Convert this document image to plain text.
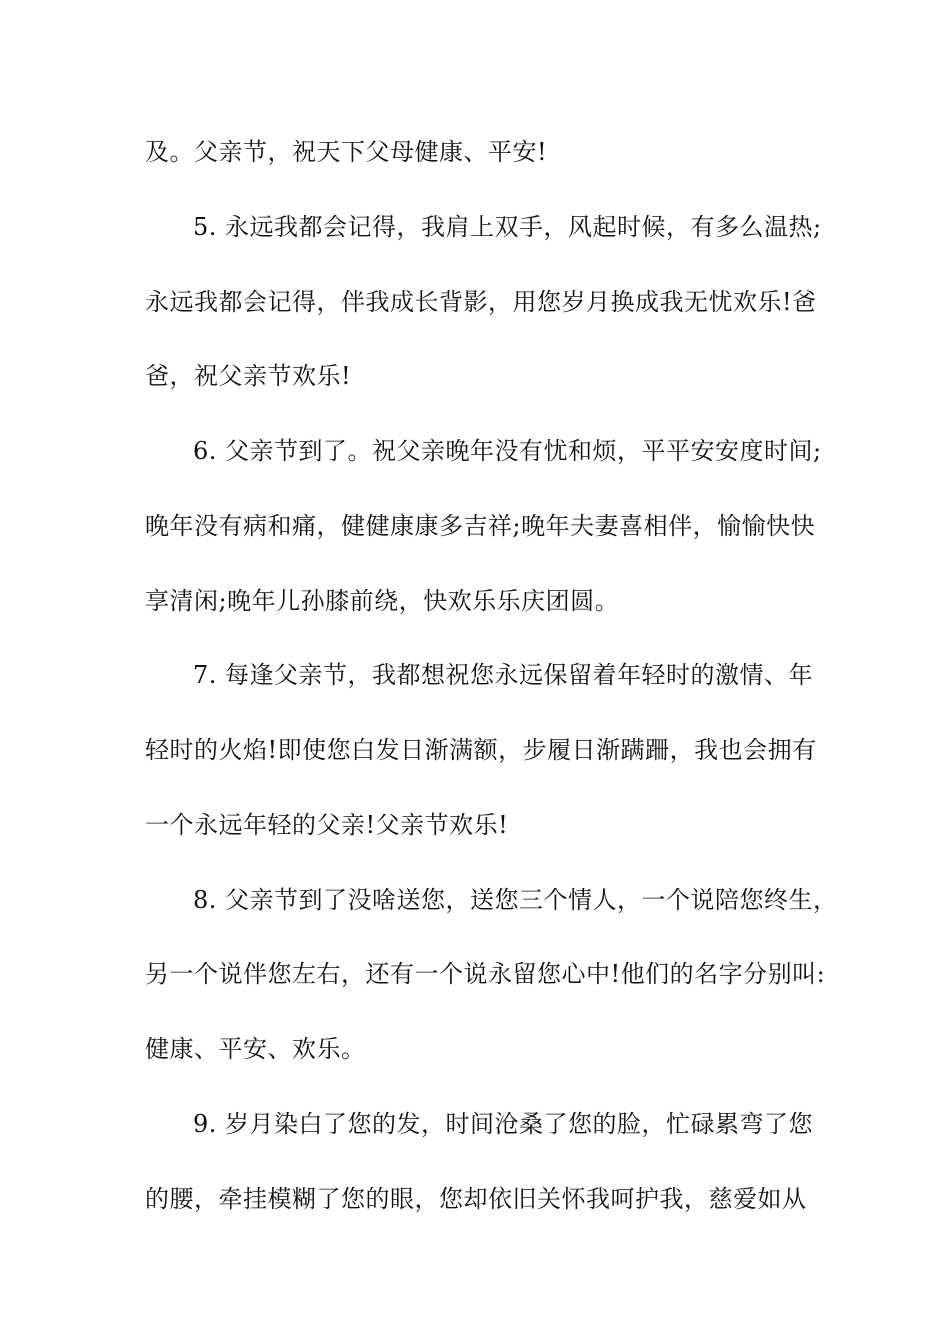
及。父亲节，祝天下父母健康、平安!
5. 永远我都会记得，我肩上双手，风起时候，有多么温热;
永远我都会记得，伴我成长背影，用您岁月换成我无忧欢乐!爸
爸，祝父亲节欢乐!
6. 父亲节到了。祝父亲晚年没有忧和烦，平平安安度时间;
晚年没有病和痛，健健康康多吉祥;晚年夫妻喜相伴，愉愉快快
享清闲;晚年儿孙膝前绕，快欢乐乐庆团圆。
7. 每逢父亲节，我都想祝您永远保留着年轻时的激情、年
轻时的火焰!即使您白发日渐满额，步履日渐蹒跚，我也会拥有
一个永远年轻的父亲!父亲节欢乐!
8. 父亲节到了没啥送您，送您三个情人，一个说陪您终生，
另一个说伴您左右，还有一个说永留您心中!他们的名字分别叫:
健康、平安、欢乐。
9. 岁月染白了您的发，时间沧桑了您的脸，忙碌累弯了您
的腰，牵挂模糊了您的眼，您却依旧关怀我呵护我，慈爱如从
